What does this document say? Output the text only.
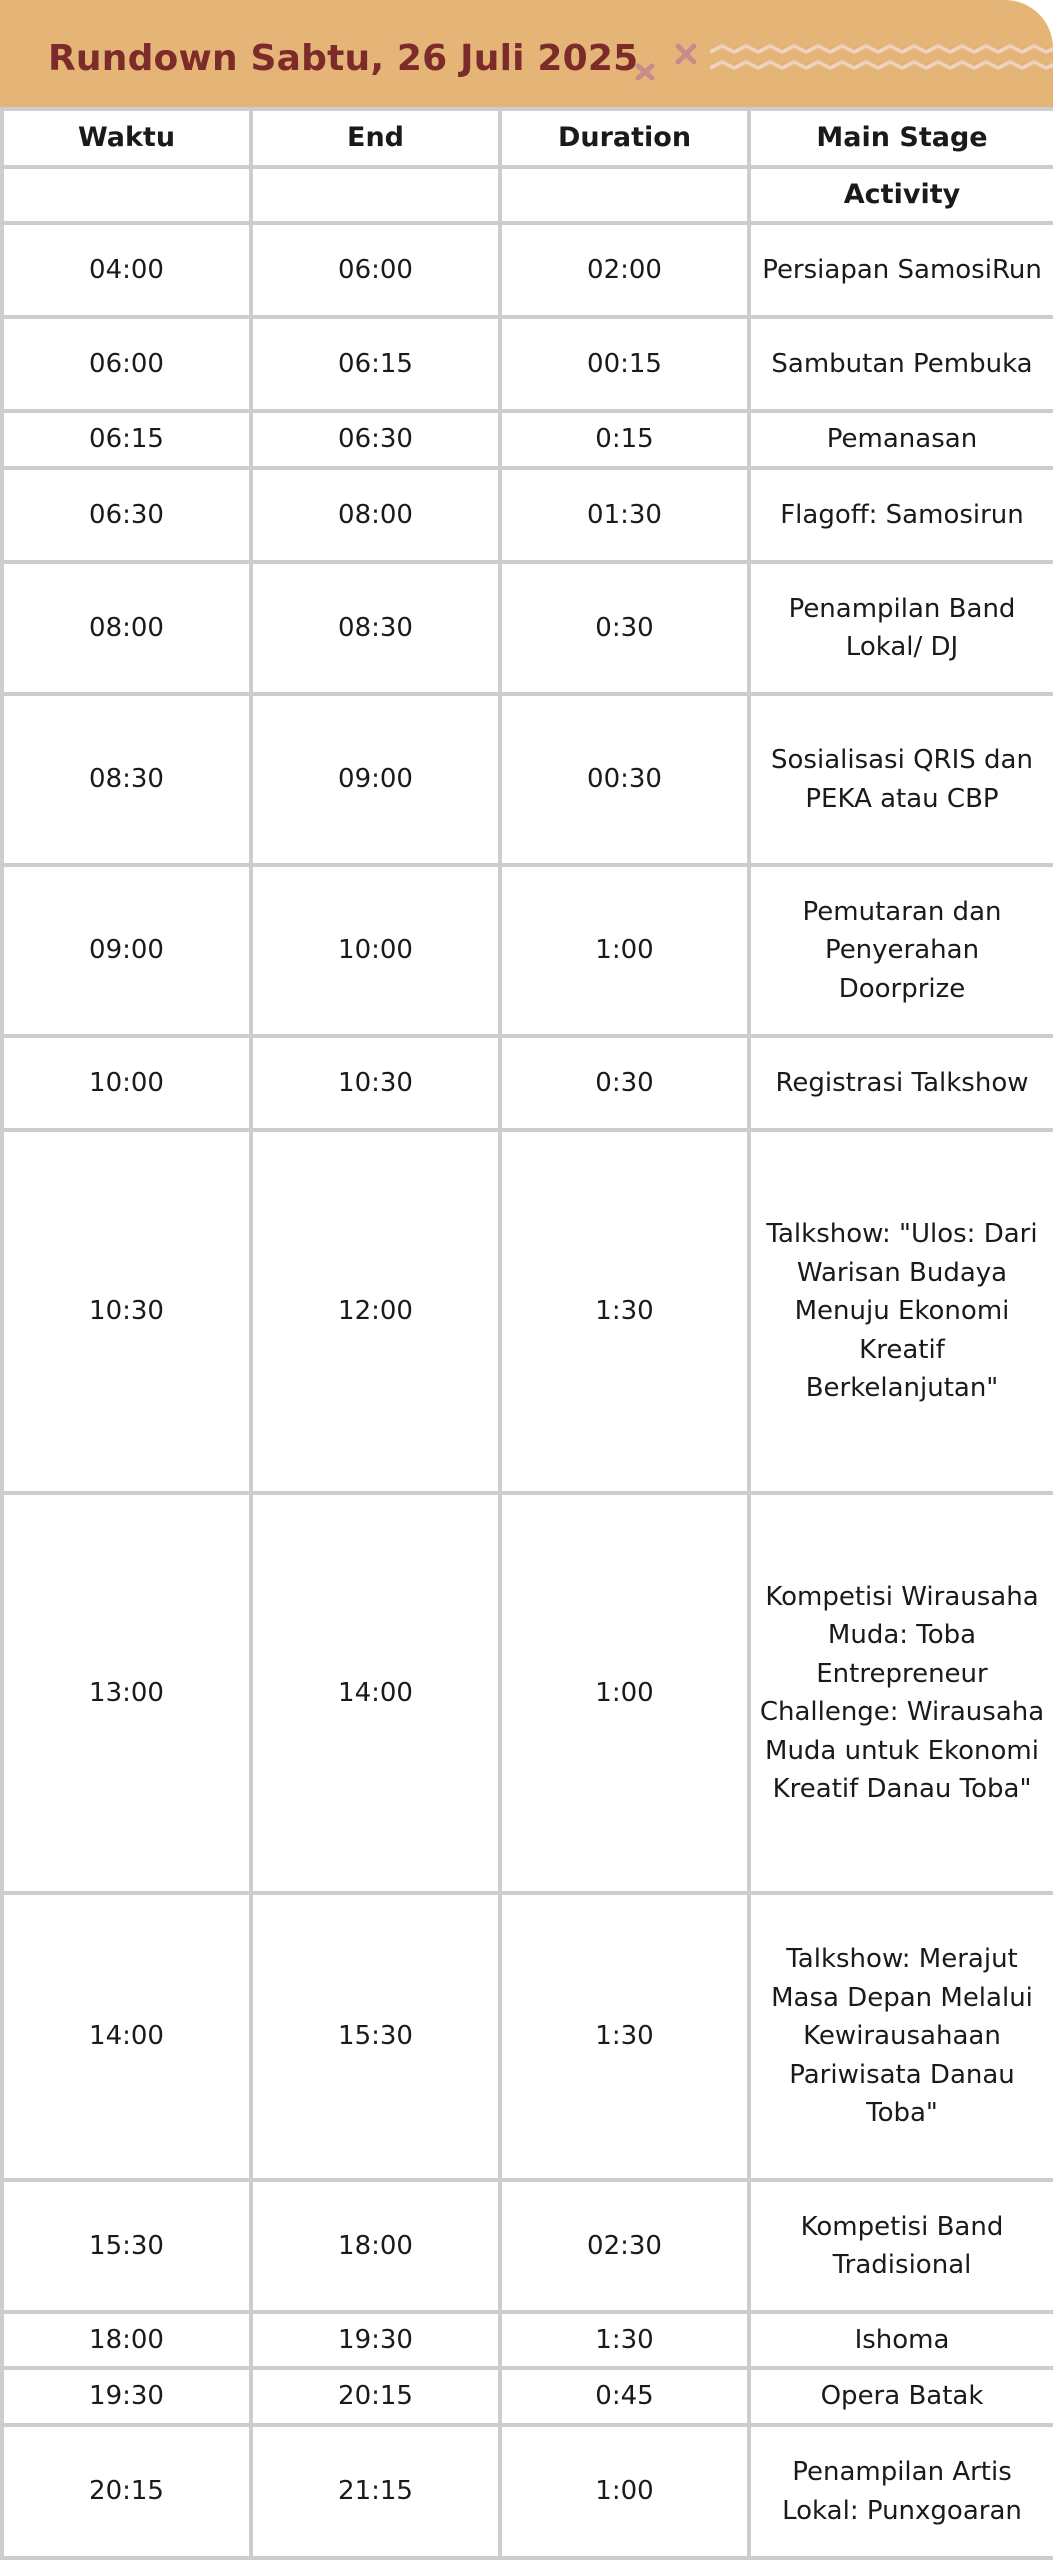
Rundown Sabtu, 26 Juli 2025
Waktu	End	Duration	Main Stage
			Activity
04:00	06:00	02:00	Persiapan SamosiRun
06:00	06:15	00:15	Sambutan Pembuka
06:15	06:30	0:15	Pemanasan
06:30	08:00	01:30	Flagoff: Samosirun
08:00	08:30	0:30	Penampilan Band Lokal/ DJ
08:30	09:00	00:30	Sosialisasi QRIS dan PEKA atau CBP
09:00	10:00	1:00	Pemutaran dan Penyerahan Doorprize
10:00	10:30	0:30	Registrasi Talkshow
10:30	12:00	1:30	Talkshow: "Ulos: Dari Warisan Budaya Menuju Ekonomi Kreatif Berkelanjutan"
13:00	14:00	1:00	Kompetisi Wirausaha Muda: Toba Entrepreneur Challenge: Wirausaha Muda untuk Ekonomi Kreatif Danau Toba"
14:00	15:30	1:30	Talkshow: Merajut Masa Depan Melalui Kewirausahaan Pariwisata Danau Toba"
15:30	18:00	02:30	Kompetisi Band Tradisional
18:00	19:30	1:30	Ishoma
19:30	20:15	0:45	Opera Batak
20:15	21:15	1:00	Penampilan Artis Lokal: Punxgoaran
